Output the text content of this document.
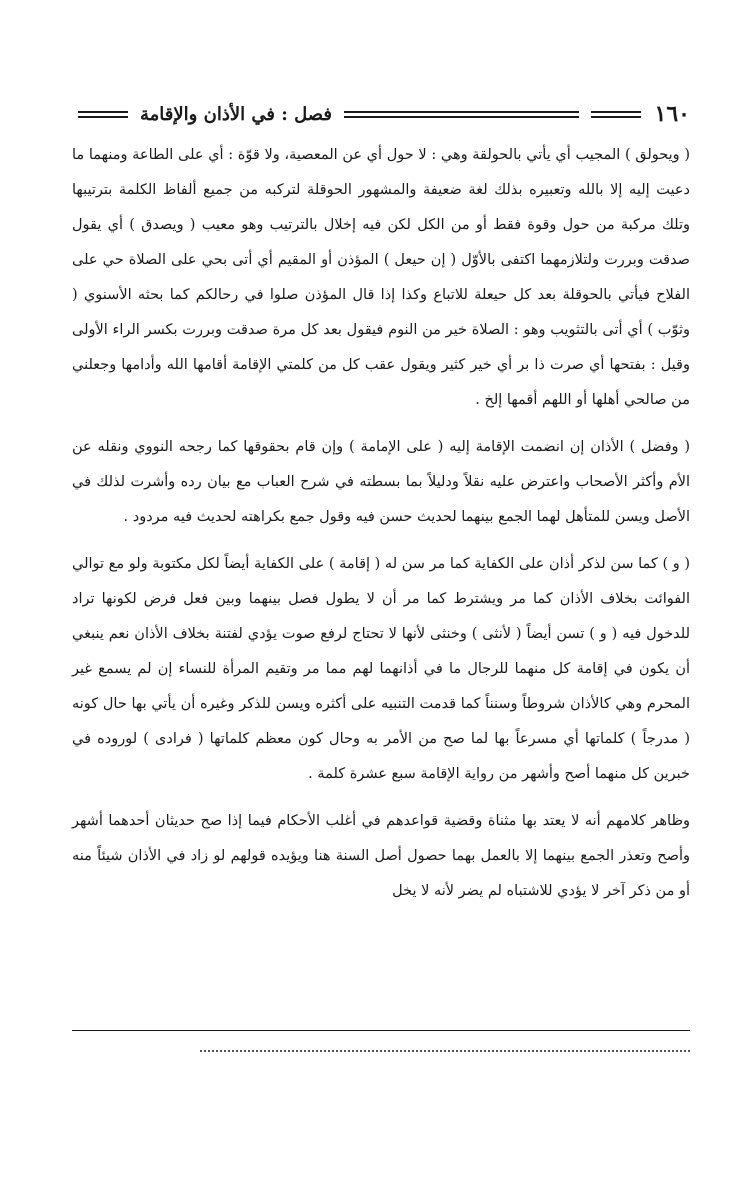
١٦٠
فصل : في الأذان والإقامة

( ويحولق ) المجيب أي يأتي بالحولقة وهي : لا حول أي عن المعصية، ولا قوّة : أي على الطاعة ومنهما ما دعيت إليه إلا بالله وتعبيره بذلك لغة ضعيفة والمشهور الحوقلة لتركبه من جميع ألفاظ الكلمة بترتيبها وتلك مركبة من حول وقوة فقط أو من الكل لكن فيه إخلال بالترتيب وهو معيب ( ويصدق ) أي يقول صدقت وبررت ولتلازمهما اكتفى بالأوّل ( إن حيعل ) المؤذن أو المقيم أي أتى بحي على الصلاة حي على الفلاح فيأتي بالحوقلة بعد كل حيعلة للاتباع وكذا إذا قال المؤذن صلوا في رحالكم كما بحثه الأسنوي ( وثوّب ) أي أتى بالتثويب وهو : الصلاة خير من النوم فيقول بعد كل مرة صدقت وبررت بكسر الراء الأولى وقيل : بفتحها أي صرت ذا بر أي خير كثير ويقول عقب كل من كلمتي الإقامة أقامها الله وأدامها وجعلني من صالحي أهلها أو اللهم أقمها إلخ .

( وفضل ) الأذان إن انضمت الإقامة إليه ( على الإمامة ) وإن قام بحقوقها كما رجحه النووي ونقله عن الأم وأكثر الأصحاب واعترض عليه نقلاً ودليلاً بما بسطته في شرح العباب مع بيان رده وأشرت لذلك في الأصل ويسن للمتأهل لهما الجمع بينهما لحديث حسن فيه وقول جمع بكراهته لحديث فيه مردود .

( و ) كما سن لذكر أذان على الكفاية كما مر سن له ( إقامة ) على الكفاية أيضاً لكل مكتوبة ولو مع توالي الفوائت بخلاف الأذان كما مر ويشترط كما مر أن لا يطول فصل بينهما وبين فعل فرض لكونها تراد للدخول فيه ( و ) تسن أيضاً ( لأنثى ) وخنثى لأنها لا تحتاج لرفع صوت يؤدي لفتنة بخلاف الأذان نعم ينبغي أن يكون في إقامة كل منهما للرجال ما في أذانهما لهم مما مر وتقيم المرأة للنساء إن لم يسمع غير المحرم وهي كالأذان شروطاً وسنناً كما قدمت التنبيه على أكثره ويسن للذكر وغيره أن يأتي بها حال كونه ( مدرجاً ) كلماتها أي مسرعاً بها لما صح من الأمر به وحال كون معظم كلماتها ( فرادى ) لوروده في خبرين كل منهما أصح وأشهر من رواية الإقامة سبع عشرة كلمة .

وظاهر كلامهم أنه لا يعتد بها مثناة وقضية قواعدهم في أغلب الأحكام فيما إذا صح حديثان أحدهما أشهر وأصح وتعذر الجمع بينهما إلا بالعمل بهما حصول أصل السنة هنا ويؤيده قولهم لو زاد في الأذان شيئاً منه أو من ذكر آخر لا يؤدي للاشتباه لم يضر لأنه لا يخل
